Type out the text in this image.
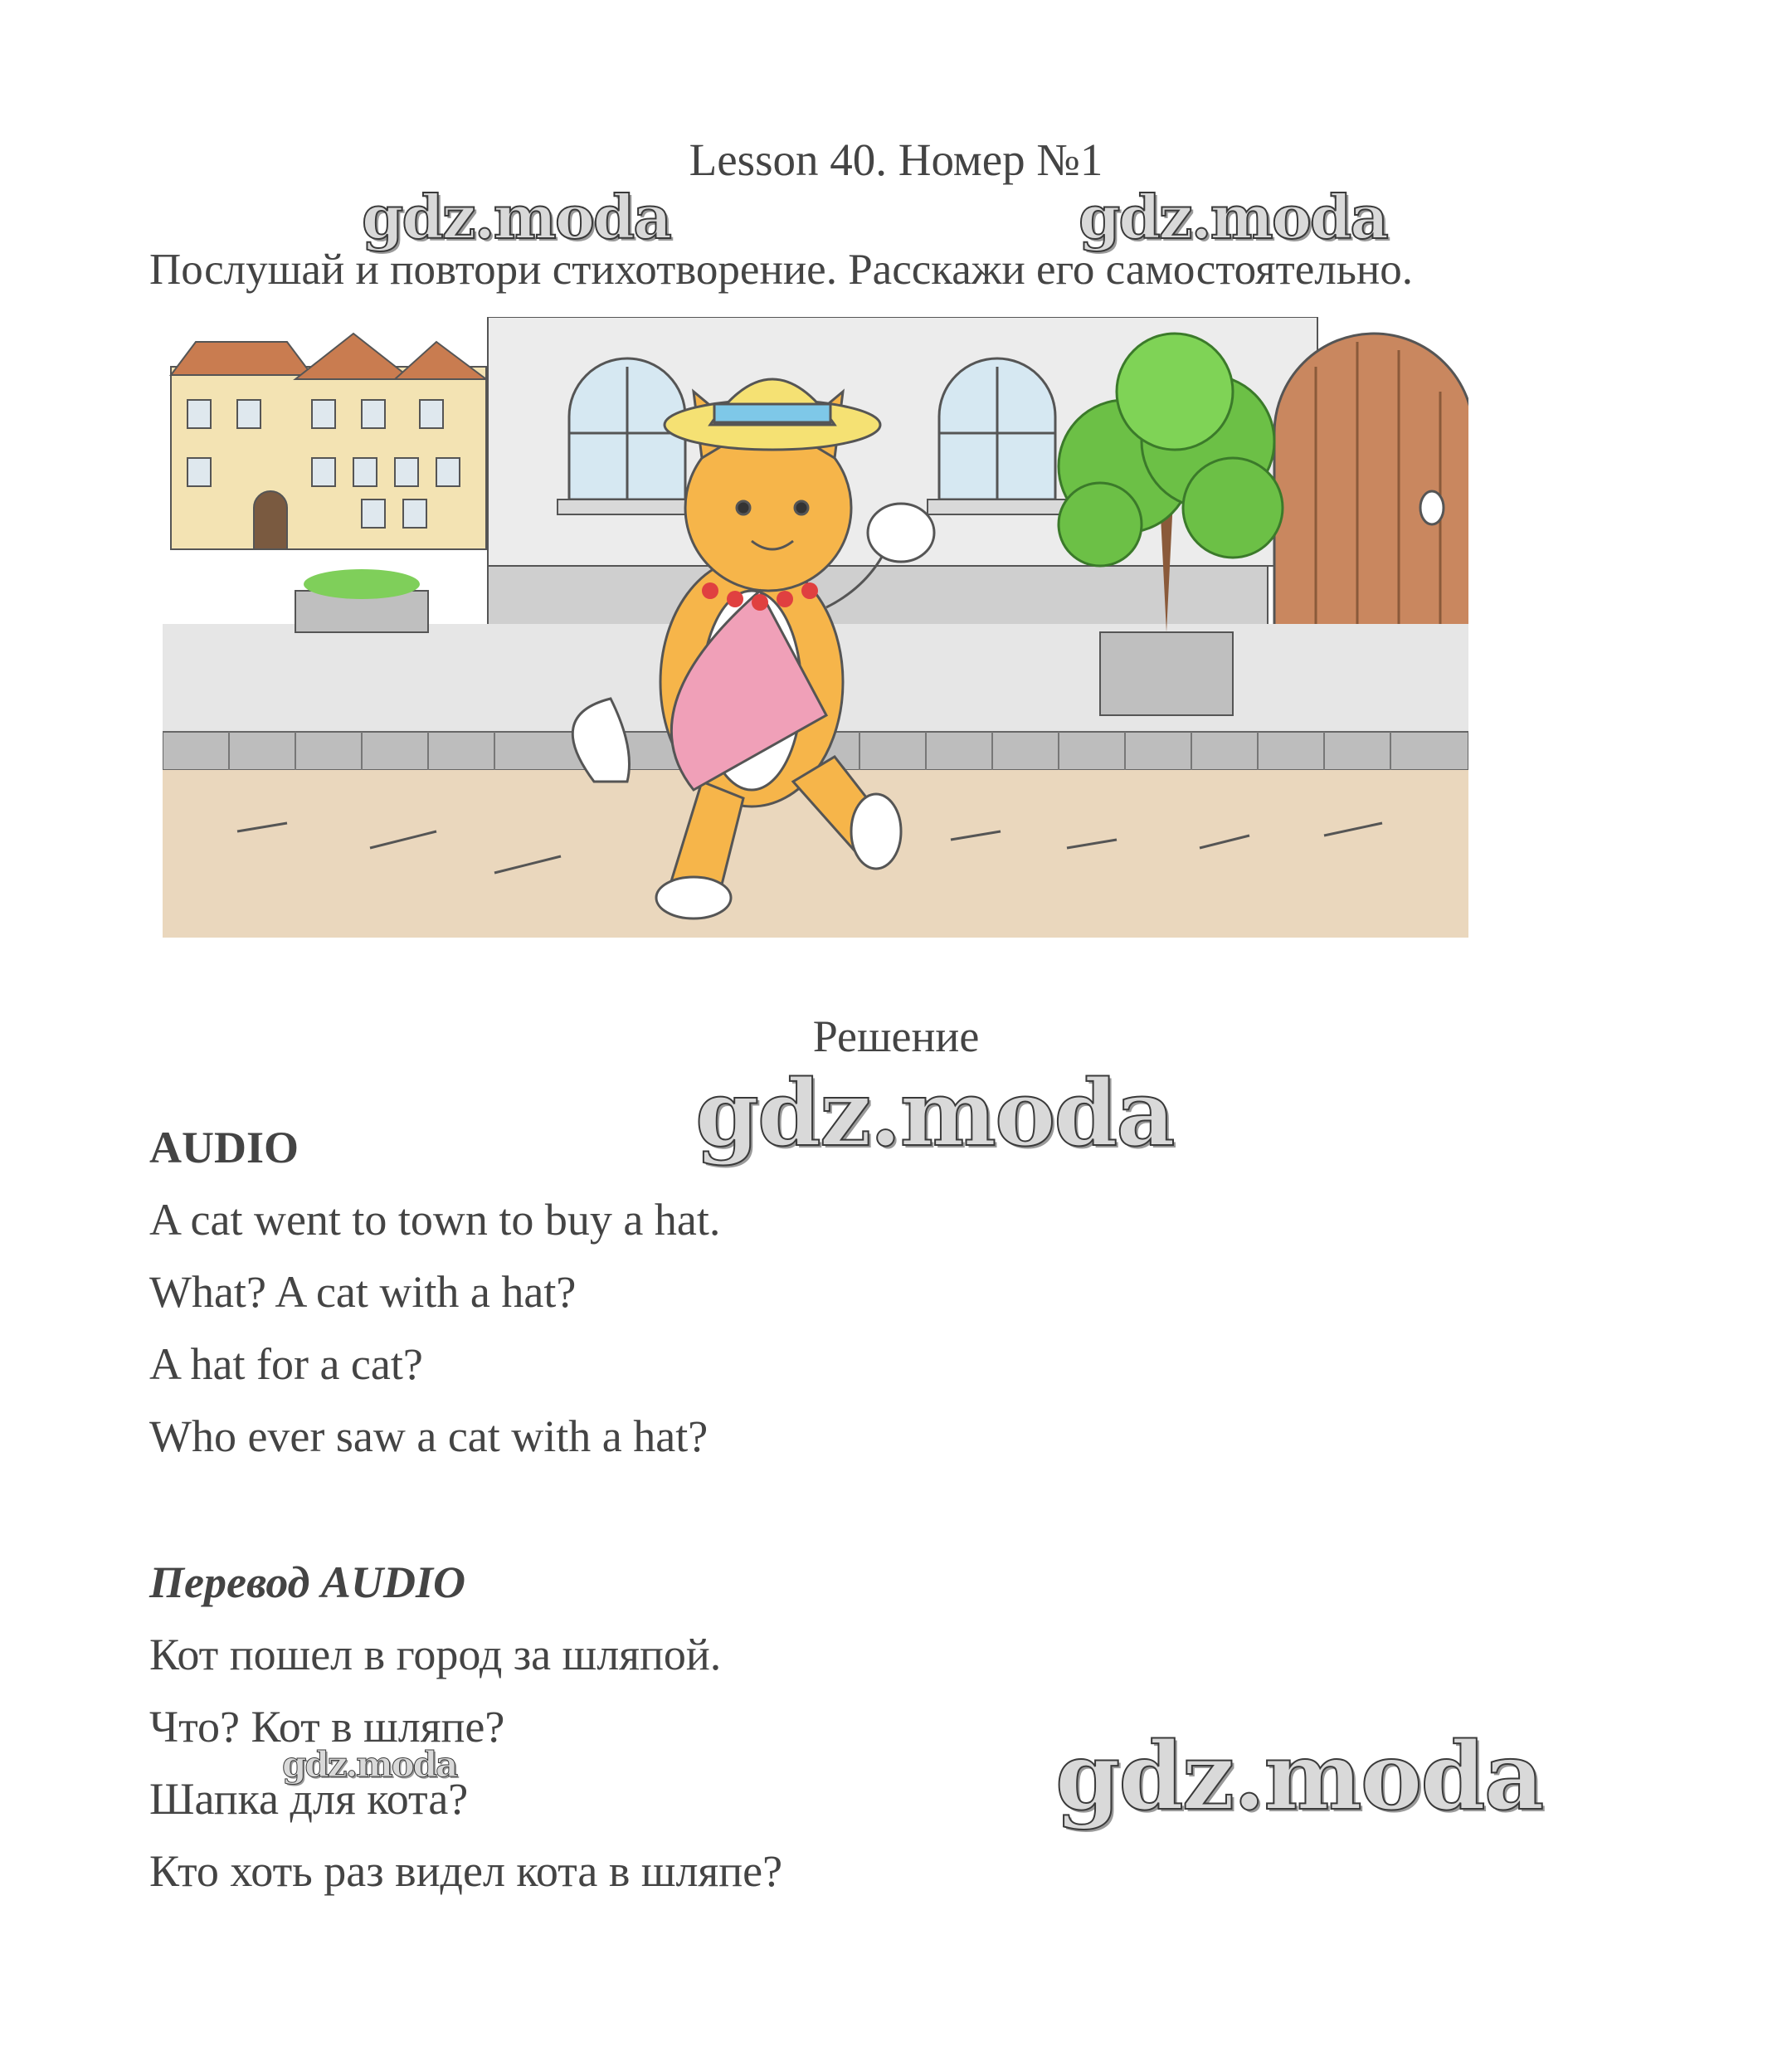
Lesson 40. Номер №1
gdz.moda	gdz.moda
Послушай и повтори стихотворение. Расскажи его самостоятельно.
Решение
gdz.moda
AUDIO
A cat went to town to buy a hat.
What? A cat with a hat?
A hat for a cat?
Who ever saw a cat with a hat?
Перевод AUDIO
Кот пошел в город за шляпой.
Что? Кот в шляпе?
Шапка для кота?
Кто хоть раз видел кота в шляпе?
gdz.moda	gdz.moda
